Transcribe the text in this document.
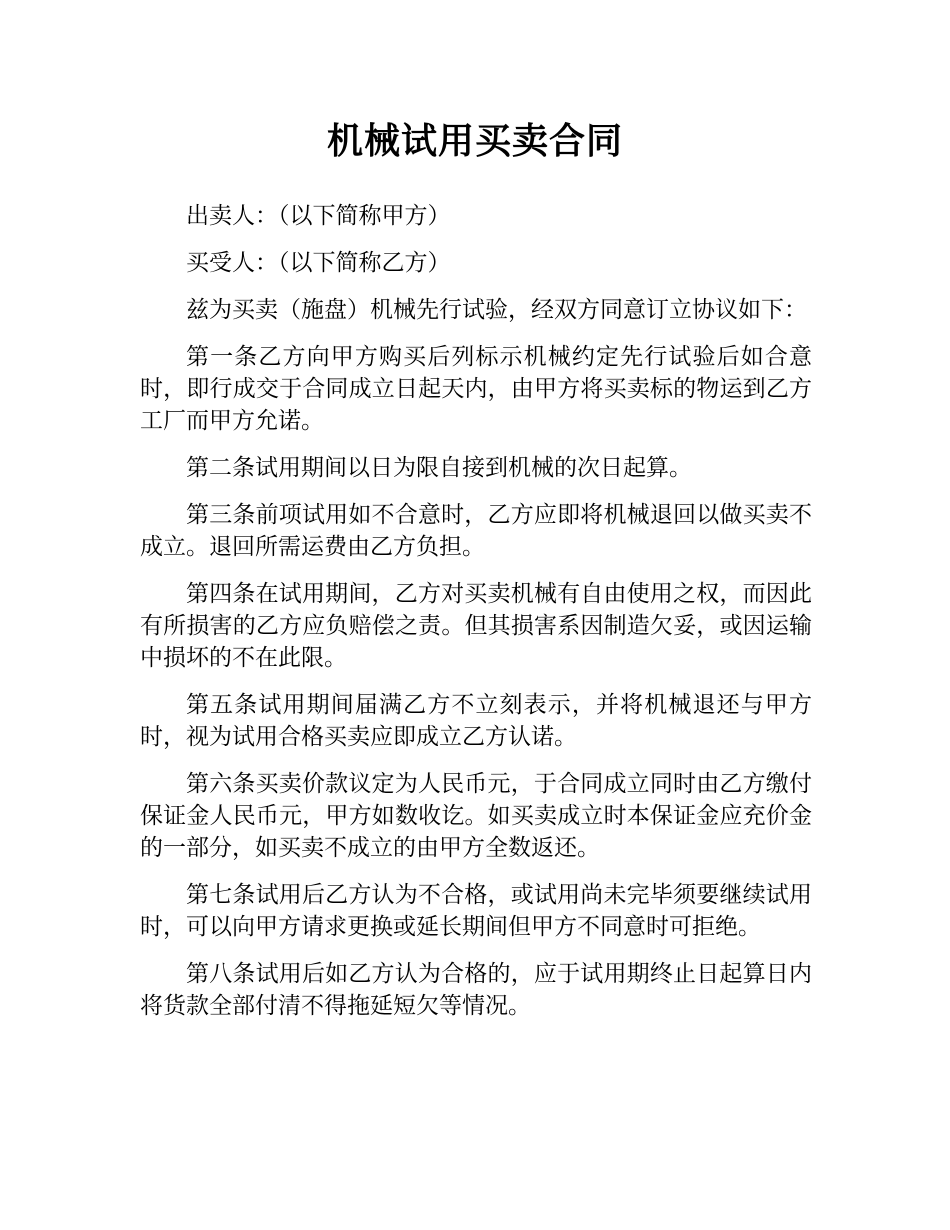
机械试用买卖合同

出卖人：（以下简称甲方）

买受人：（以下简称乙方）

兹为买卖（施盘）机械先行试验，经双方同意订立协议如下：

第一条乙方向甲方购买后列标示机械约定先行试验后如合意时，即行成交于合同成立日起天内，由甲方将买卖标的物运到乙方工厂而甲方允诺。

第二条试用期间以日为限自接到机械的次日起算。

第三条前项试用如不合意时，乙方应即将机械退回以做买卖不成立。退回所需运费由乙方负担。

第四条在试用期间，乙方对买卖机械有自由使用之权，而因此有所损害的乙方应负赔偿之责。但其损害系因制造欠妥，或因运输中损坏的不在此限。

第五条试用期间届满乙方不立刻表示，并将机械退还与甲方时，视为试用合格买卖应即成立乙方认诺。

第六条买卖价款议定为人民币元，于合同成立同时由乙方缴付保证金人民币元，甲方如数收讫。如买卖成立时本保证金应充价金的一部分，如买卖不成立的由甲方全数返还。

第七条试用后乙方认为不合格，或试用尚未完毕须要继续试用时，可以向甲方请求更换或延长期间但甲方不同意时可拒绝。

第八条试用后如乙方认为合格的，应于试用期终止日起算日内将货款全部付清不得拖延短欠等情况。
